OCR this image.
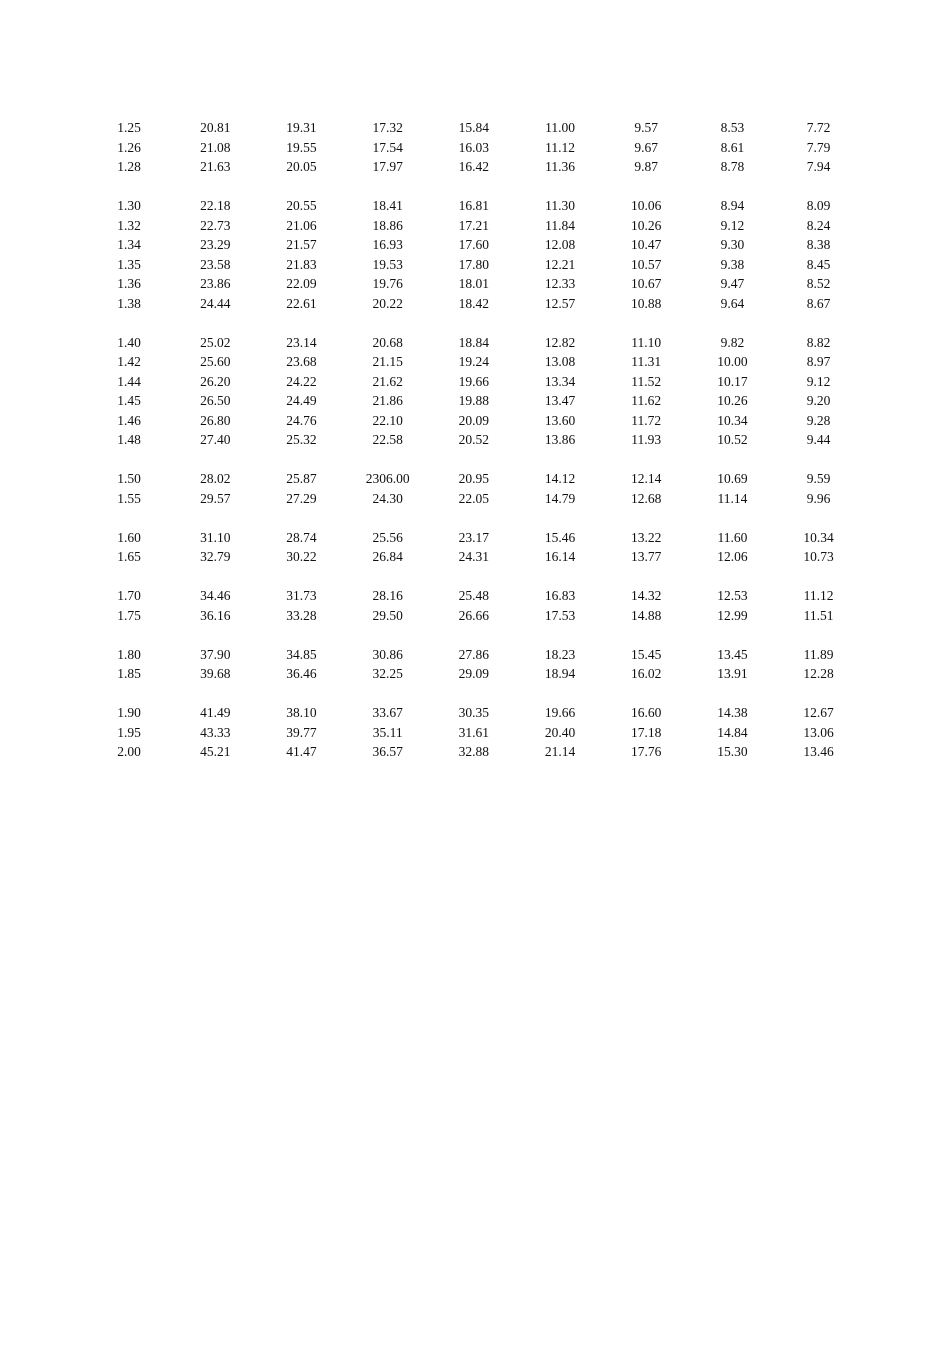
1.25	20.81	19.31	17.32	15.84	11.00	9.57	8.53	7.72
1.26	21.08	19.55	17.54	16.03	11.12	9.67	8.61	7.79
1.28	21.63	20.05	17.97	16.42	11.36	9.87	8.78	7.94
1.30	22.18	20.55	18.41	16.81	11.30	10.06	8.94	8.09
1.32	22.73	21.06	18.86	17.21	11.84	10.26	9.12	8.24
1.34	23.29	21.57	16.93	17.60	12.08	10.47	9.30	8.38
1.35	23.58	21.83	19.53	17.80	12.21	10.57	9.38	8.45
1.36	23.86	22.09	19.76	18.01	12.33	10.67	9.47	8.52
1.38	24.44	22.61	20.22	18.42	12.57	10.88	9.64	8.67
1.40	25.02	23.14	20.68	18.84	12.82	11.10	9.82	8.82
1.42	25.60	23.68	21.15	19.24	13.08	11.31	10.00	8.97
1.44	26.20	24.22	21.62	19.66	13.34	11.52	10.17	9.12
1.45	26.50	24.49	21.86	19.88	13.47	11.62	10.26	9.20
1.46	26.80	24.76	22.10	20.09	13.60	11.72	10.34	9.28
1.48	27.40	25.32	22.58	20.52	13.86	11.93	10.52	9.44
1.50	28.02	25.87	2306.00	20.95	14.12	12.14	10.69	9.59
1.55	29.57	27.29	24.30	22.05	14.79	12.68	11.14	9.96
1.60	31.10	28.74	25.56	23.17	15.46	13.22	11.60	10.34
1.65	32.79	30.22	26.84	24.31	16.14	13.77	12.06	10.73
1.70	34.46	31.73	28.16	25.48	16.83	14.32	12.53	11.12
1.75	36.16	33.28	29.50	26.66	17.53	14.88	12.99	11.51
1.80	37.90	34.85	30.86	27.86	18.23	15.45	13.45	11.89
1.85	39.68	36.46	32.25	29.09	18.94	16.02	13.91	12.28
1.90	41.49	38.10	33.67	30.35	19.66	16.60	14.38	12.67
1.95	43.33	39.77	35.11	31.61	20.40	17.18	14.84	13.06
2.00	45.21	41.47	36.57	32.88	21.14	17.76	15.30	13.46
